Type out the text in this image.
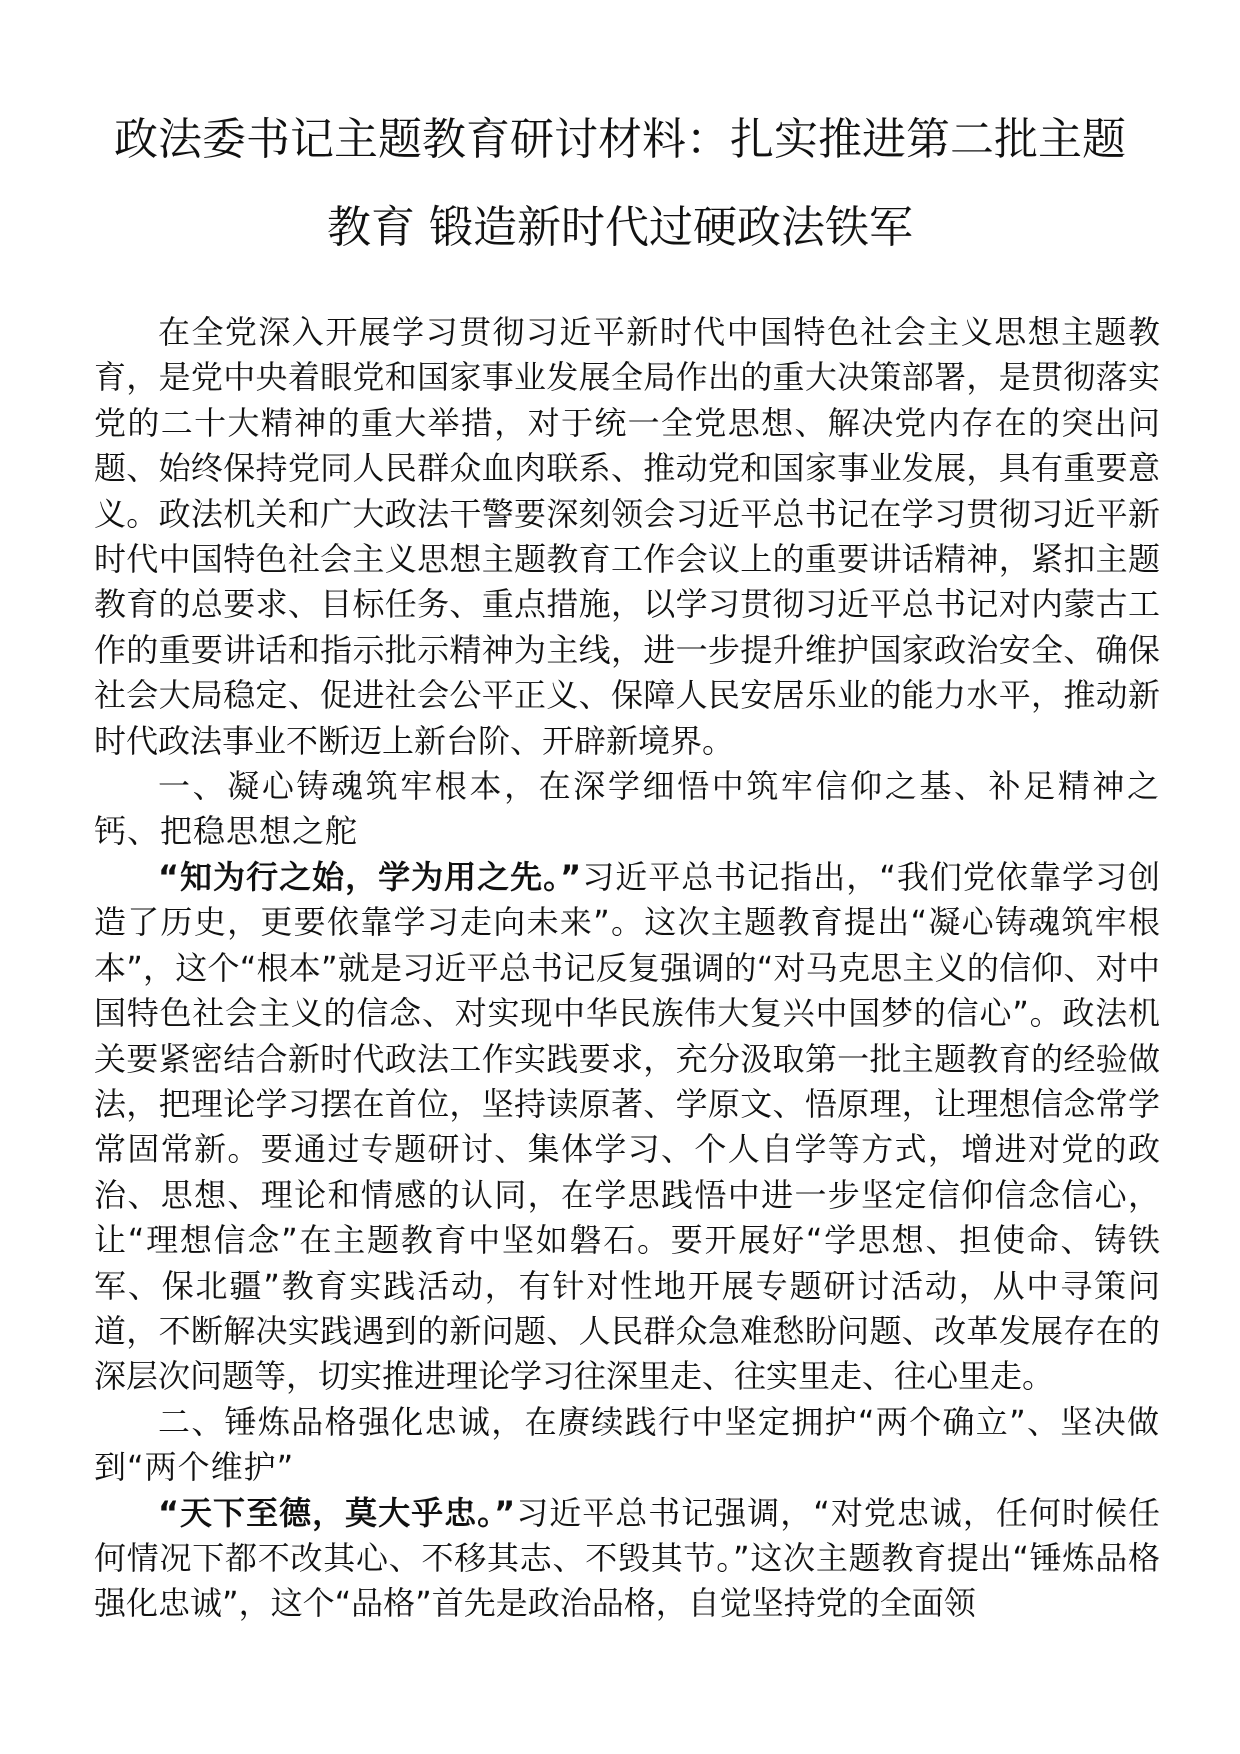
政法委书记主题教育研讨材料：扎实推进第二批主题
教育 锻造新时代过硬政法铁军

在全党深入开展学习贯彻习近平新时代中国特色社会主义思想主题教育，是党中央着眼党和国家事业发展全局作出的重大决策部署，是贯彻落实党的二十大精神的重大举措，对于统一全党思想、解决党内存在的突出问题、始终保持党同人民群众血肉联系、推动党和国家事业发展，具有重要意义。政法机关和广大政法干警要深刻领会习近平总书记在学习贯彻习近平新时代中国特色社会主义思想主题教育工作会议上的重要讲话精神，紧扣主题教育的总要求、目标任务、重点措施，以学习贯彻习近平总书记对内蒙古工作的重要讲话和指示批示精神为主线，进一步提升维护国家政治安全、确保社会大局稳定、促进社会公平正义、保障人民安居乐业的能力水平，推动新时代政法事业不断迈上新台阶、开辟新境界。

一、凝心铸魂筑牢根本，在深学细悟中筑牢信仰之基、补足精神之钙、把稳思想之舵

“知为行之始，学为用之先。”习近平总书记指出，“我们党依靠学习创造了历史，更要依靠学习走向未来”。这次主题教育提出“凝心铸魂筑牢根本”，这个“根本”就是习近平总书记反复强调的“对马克思主义的信仰、对中国特色社会主义的信念、对实现中华民族伟大复兴中国梦的信心”。政法机关要紧密结合新时代政法工作实践要求，充分汲取第一批主题教育的经验做法，把理论学习摆在首位，坚持读原著、学原文、悟原理，让理想信念常学常固常新。要通过专题研讨、集体学习、个人自学等方式，增进对党的政治、思想、理论和情感的认同，在学思践悟中进一步坚定信仰信念信心，让“理想信念”在主题教育中坚如磐石。要开展好“学思想、担使命、铸铁军、保北疆”教育实践活动，有针对性地开展专题研讨活动，从中寻策问道，不断解决实践遇到的新问题、人民群众急难愁盼问题、改革发展存在的深层次问题等，切实推进理论学习往深里走、往实里走、往心里走。

二、锤炼品格强化忠诚，在赓续践行中坚定拥护“两个确立”、坚决做到“两个维护”

“天下至德，莫大乎忠。”习近平总书记强调，“对党忠诚，任何时候任何情况下都不改其心、不移其志、不毁其节。”这次主题教育提出“锤炼品格强化忠诚”，这个“品格”首先是政治品格，自觉坚持党的全面领
